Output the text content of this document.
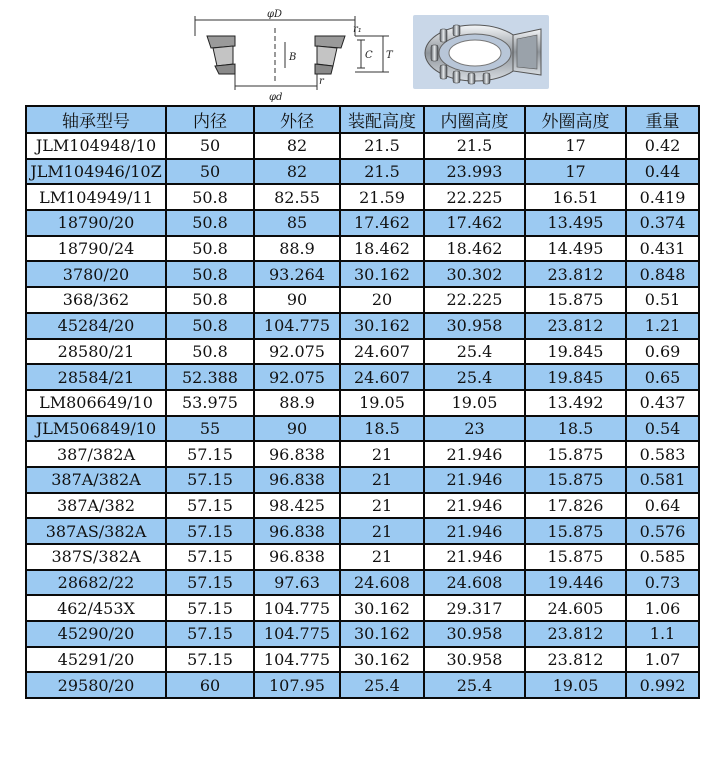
φD
φd
r₁
r
C T
B
轴承型号	内径	外径	装配高度	内圈高度	外圈高度	重量
JLM104948/10	50	82	21.5	21.5	17	0.42
JLM104946/10Z	50	82	21.5	23.993	17	0.44
LM104949/11	50.8	82.55	21.59	22.225	16.51	0.419
18790/20	50.8	85	17.462	17.462	13.495	0.374
18790/24	50.8	88.9	18.462	18.462	14.495	0.431
3780/20	50.8	93.264	30.162	30.302	23.812	0.848
368/362	50.8	90	20	22.225	15.875	0.51
45284/20	50.8	104.775	30.162	30.958	23.812	1.21
28580/21	50.8	92.075	24.607	25.4	19.845	0.69
28584/21	52.388	92.075	24.607	25.4	19.845	0.65
LM806649/10	53.975	88.9	19.05	19.05	13.492	0.437
JLM506849/10	55	90	18.5	23	18.5	0.54
387/382A	57.15	96.838	21	21.946	15.875	0.583
387A/382A	57.15	96.838	21	21.946	15.875	0.581
387A/382	57.15	98.425	21	21.946	17.826	0.64
387AS/382A	57.15	96.838	21	21.946	15.875	0.576
387S/382A	57.15	96.838	21	21.946	15.875	0.585
28682/22	57.15	97.63	24.608	24.608	19.446	0.73
462/453X	57.15	104.775	30.162	29.317	24.605	1.06
45290/20	57.15	104.775	30.162	30.958	23.812	1.1
45291/20	57.15	104.775	30.162	30.958	23.812	1.07
29580/20	60	107.95	25.4	25.4	19.05	0.992
